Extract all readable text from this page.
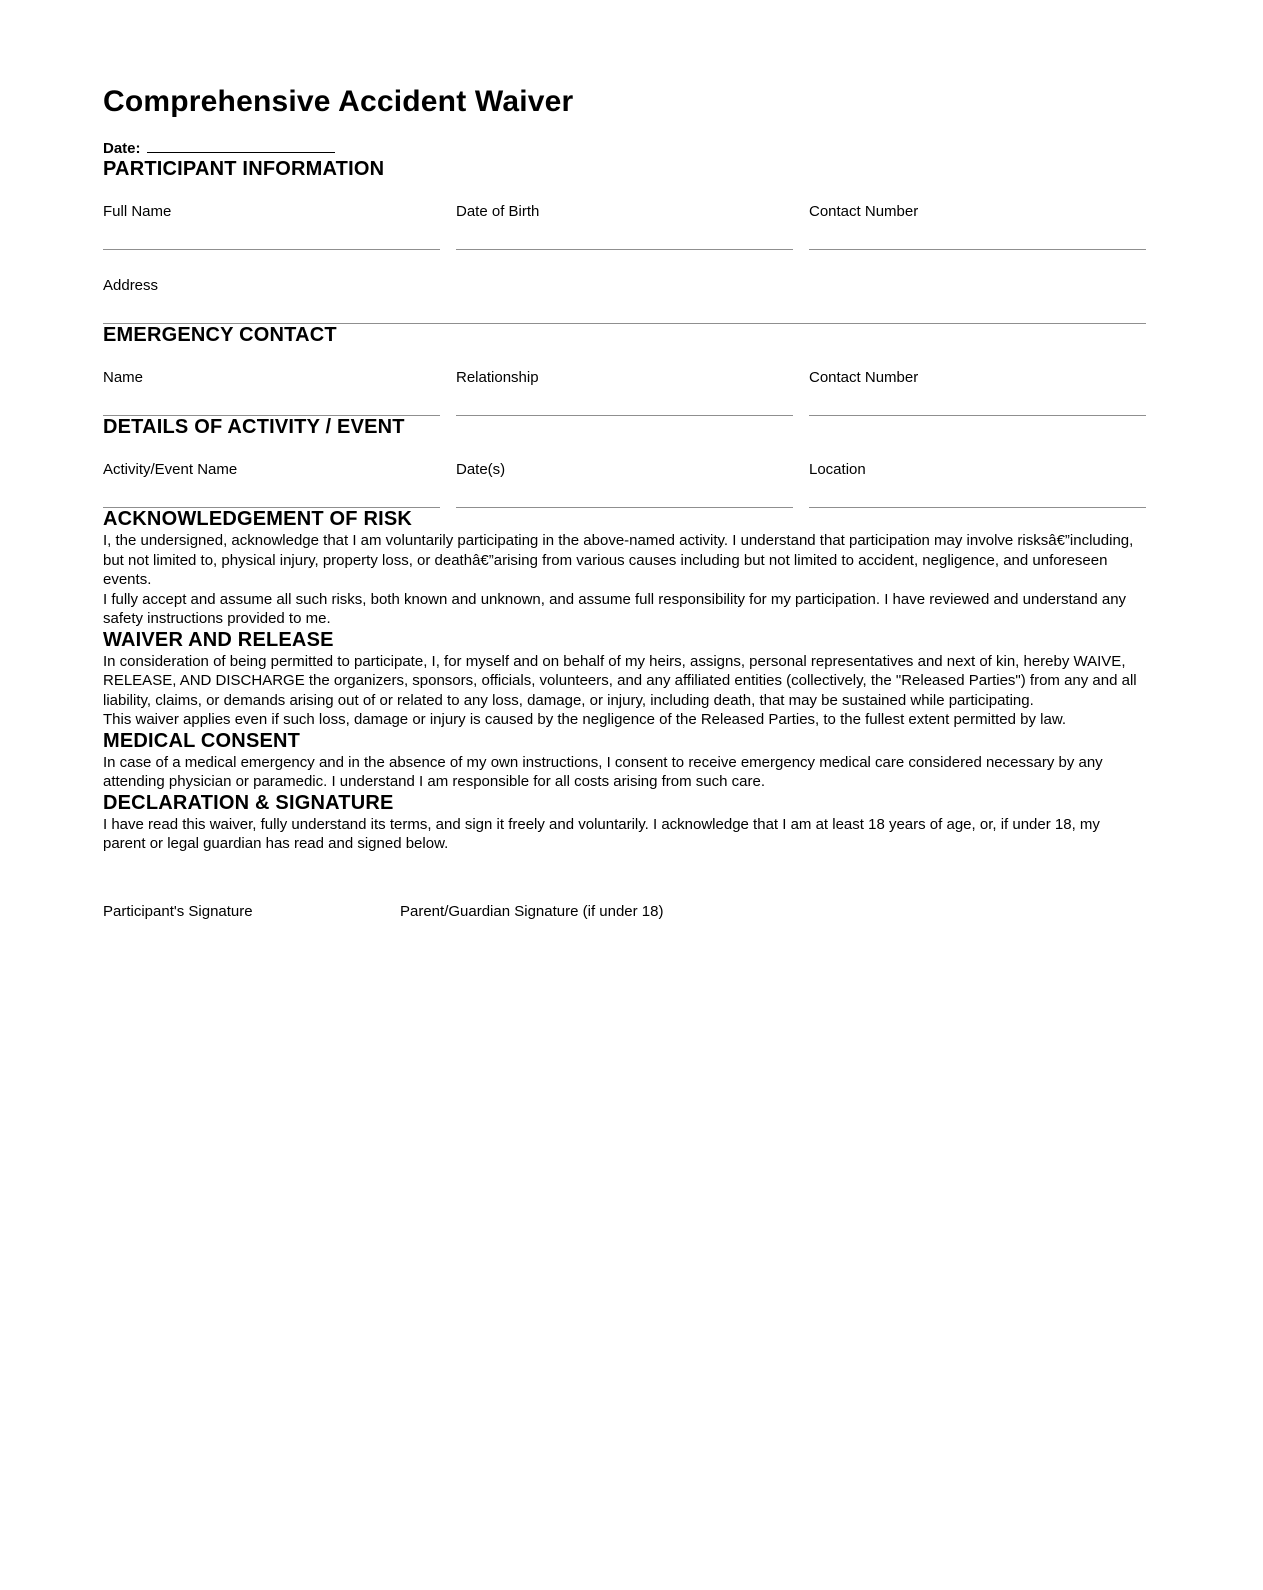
Comprehensive Accident Waiver
Date:
PARTICIPANT INFORMATION
Full Name	Date of Birth	Contact Number
Address
EMERGENCY CONTACT
Name	Relationship	Contact Number
DETAILS OF ACTIVITY / EVENT
Activity/Event Name	Date(s)	Location
ACKNOWLEDGEMENT OF RISK

I, the undersigned, acknowledge that I am voluntarily participating in the above-named activity. I understand that participation may involve risksâ€”including, but not limited to, physical injury, property loss, or deathâ€”arising from various causes including but not limited to accident, negligence, and unforeseen events.

I fully accept and assume all such risks, both known and unknown, and assume full responsibility for my participation. I have reviewed and understand any safety instructions provided to me.

WAIVER AND RELEASE

In consideration of being permitted to participate, I, for myself and on behalf of my heirs, assigns, personal representatives and next of kin, hereby WAIVE, RELEASE, AND DISCHARGE the organizers, sponsors, officials, volunteers, and any affiliated entities (collectively, the "Released Parties") from any and all liability, claims, or demands arising out of or related to any loss, damage, or injury, including death, that may be sustained while participating.

This waiver applies even if such loss, damage or injury is caused by the negligence of the Released Parties, to the fullest extent permitted by law.

MEDICAL CONSENT

In case of a medical emergency and in the absence of my own instructions, I consent to receive emergency medical care considered necessary by any attending physician or paramedic. I understand I am responsible for all costs arising from such care.

DECLARATION & SIGNATURE

I have read this waiver, fully understand its terms, and sign it freely and voluntarily. I acknowledge that I am at least 18 years of age, or, if under 18, my parent or legal guardian has read and signed below.

Participant's Signature	Parent/Guardian Signature (if under 18)
